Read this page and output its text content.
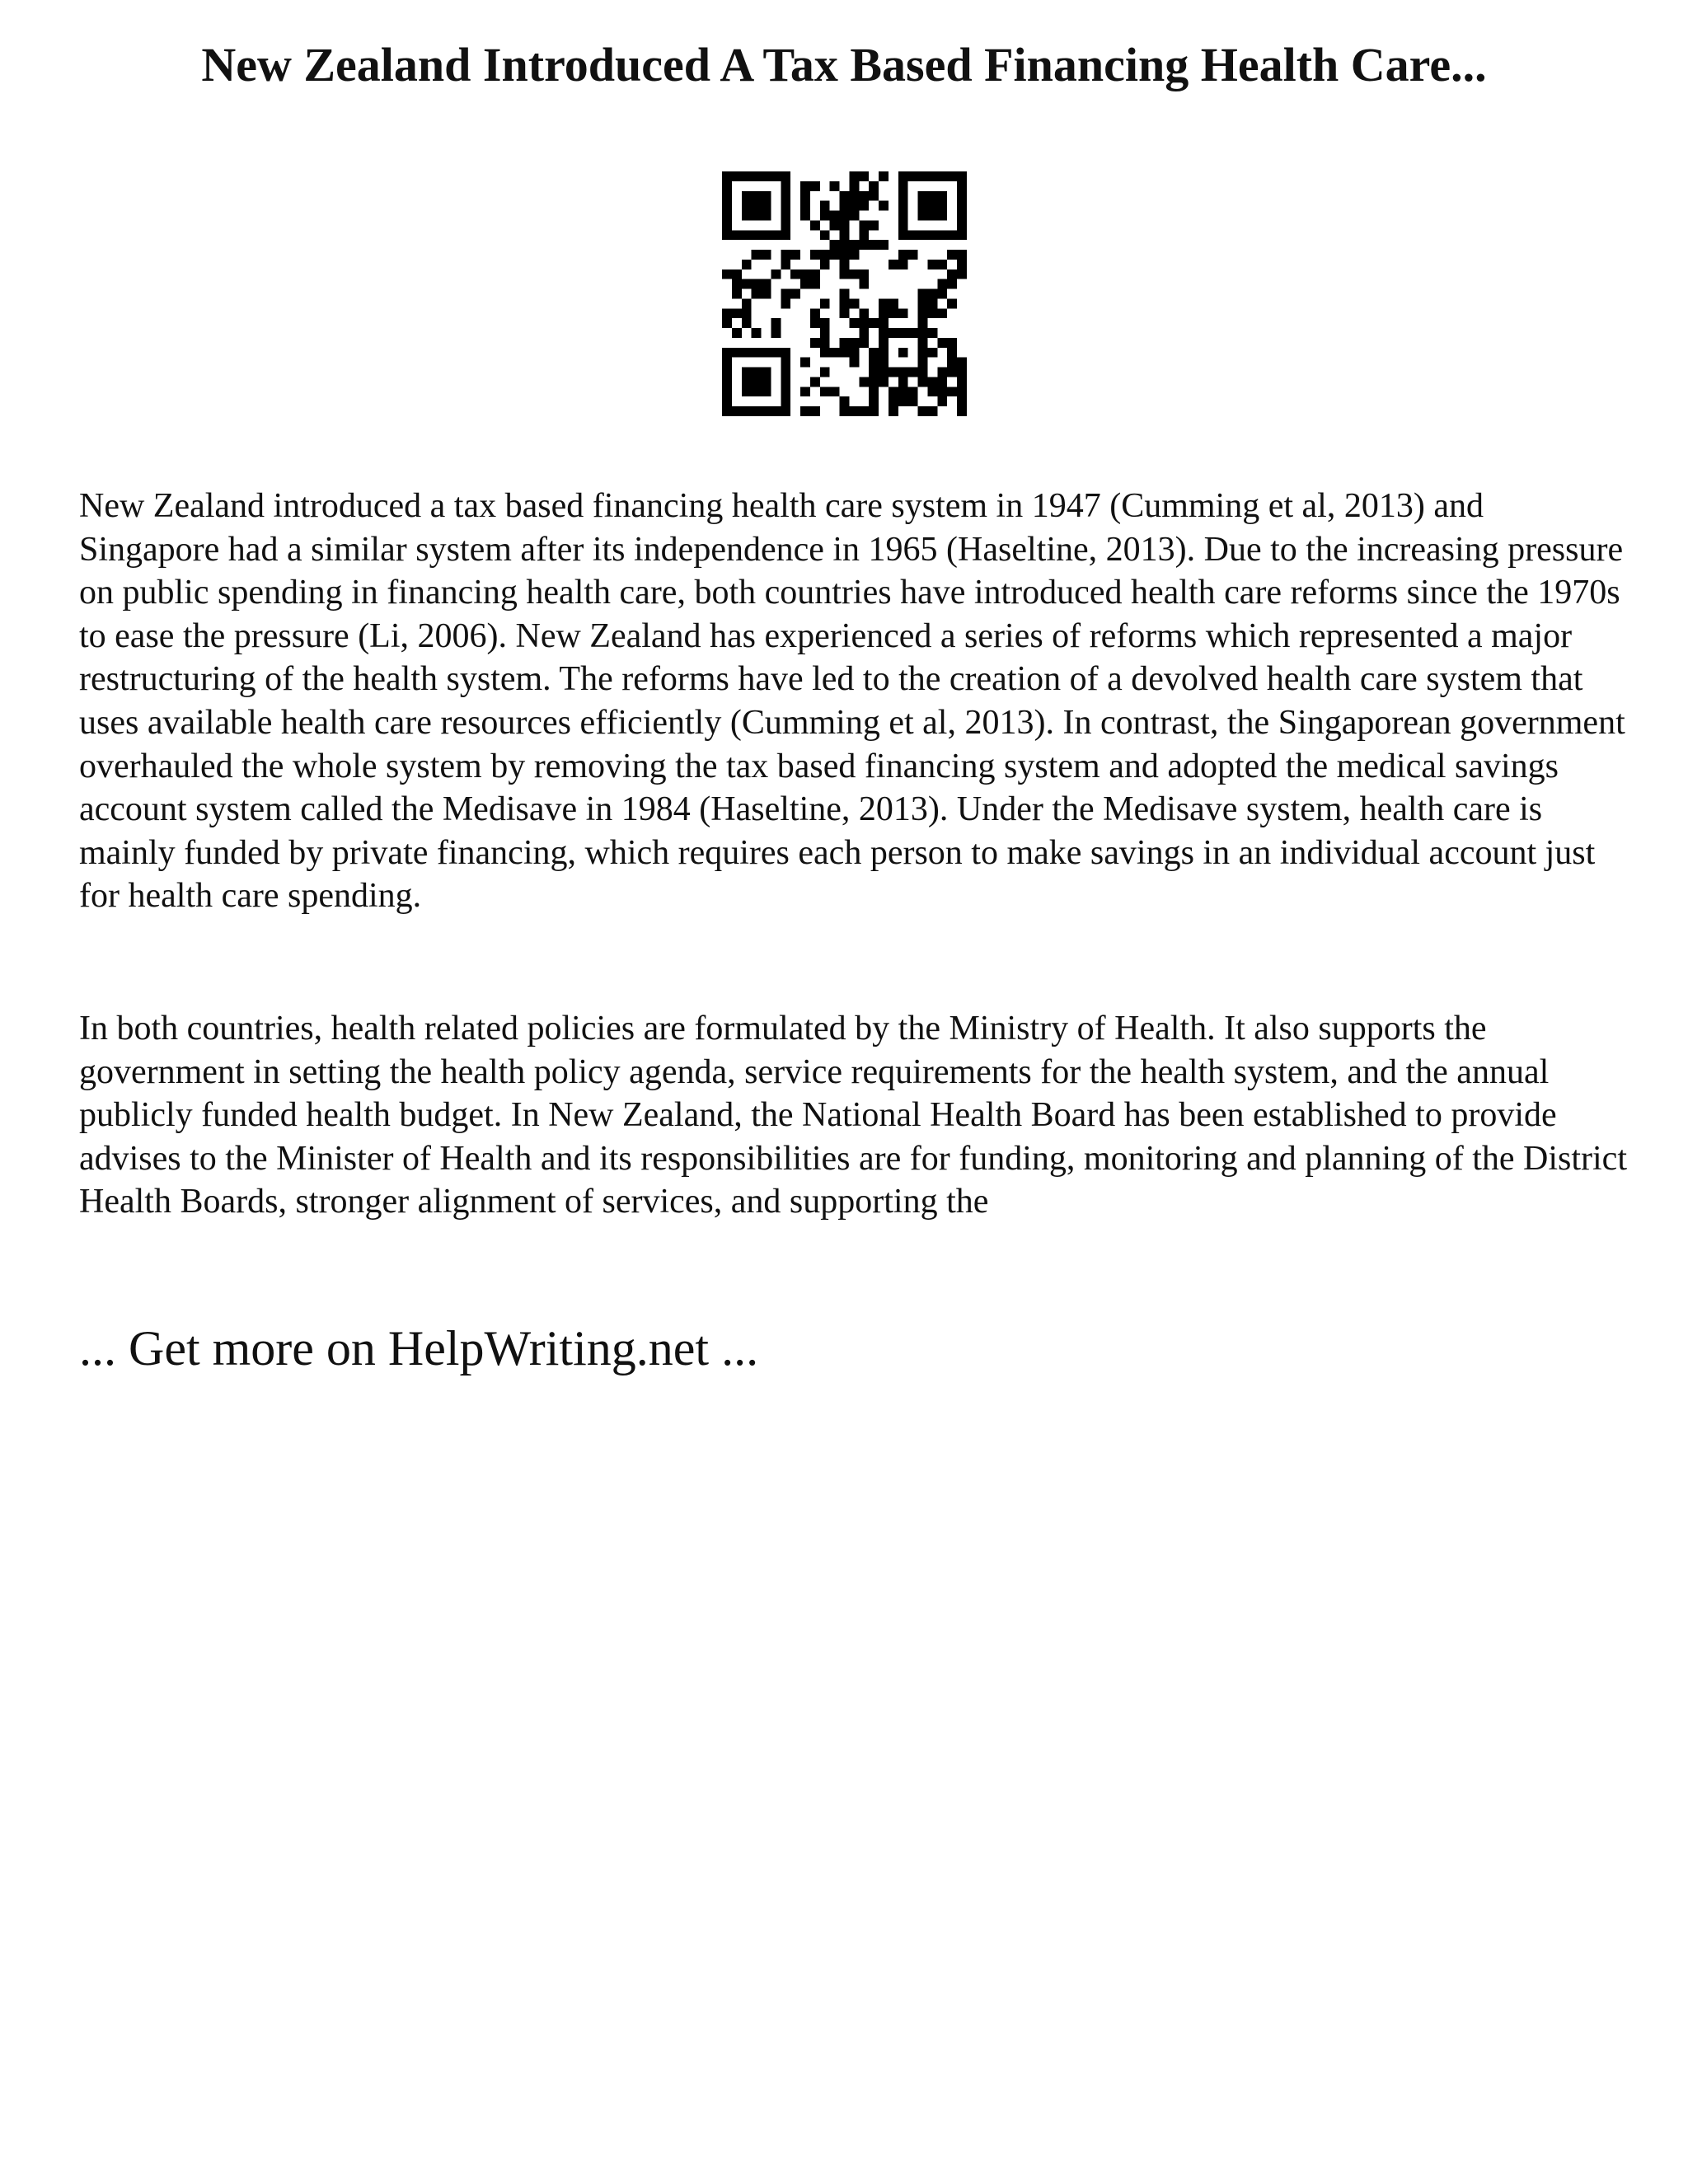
New Zealand Introduced A Tax Based Financing Health Care...

New Zealand introduced a tax based financing health care system in 1947 (Cumming et al, 2013) and Singapore had a similar system after its independence in 1965 (Haseltine, 2013). Due to the increasing pressure on public spending in financing health care, both countries have introduced health care reforms since the 1970s to ease the pressure (Li, 2006). New Zealand has experienced a series of reforms which represented a major restructuring of the health system. The reforms have led to the creation of a devolved health care system that uses available health care resources efficiently (Cumming et al, 2013). In contrast, the Singaporean government overhauled the whole system by removing the tax based financing system and adopted the medical savings account system called the Medisave in 1984 (Haseltine, 2013). Under the Medisave system, health care is mainly funded by private financing, which requires each person to make savings in an individual account just for health care spending.

In both countries, health related policies are formulated by the Ministry of Health. It also supports the government in setting the health policy agenda, service requirements for the health system, and the annual publicly funded health budget. In New Zealand, the National Health Board has been established to provide advises to the Minister of Health and its responsibilities are for funding, monitoring and planning of the District Health Boards, stronger alignment of services, and supporting the

... Get more on HelpWriting.net ...
